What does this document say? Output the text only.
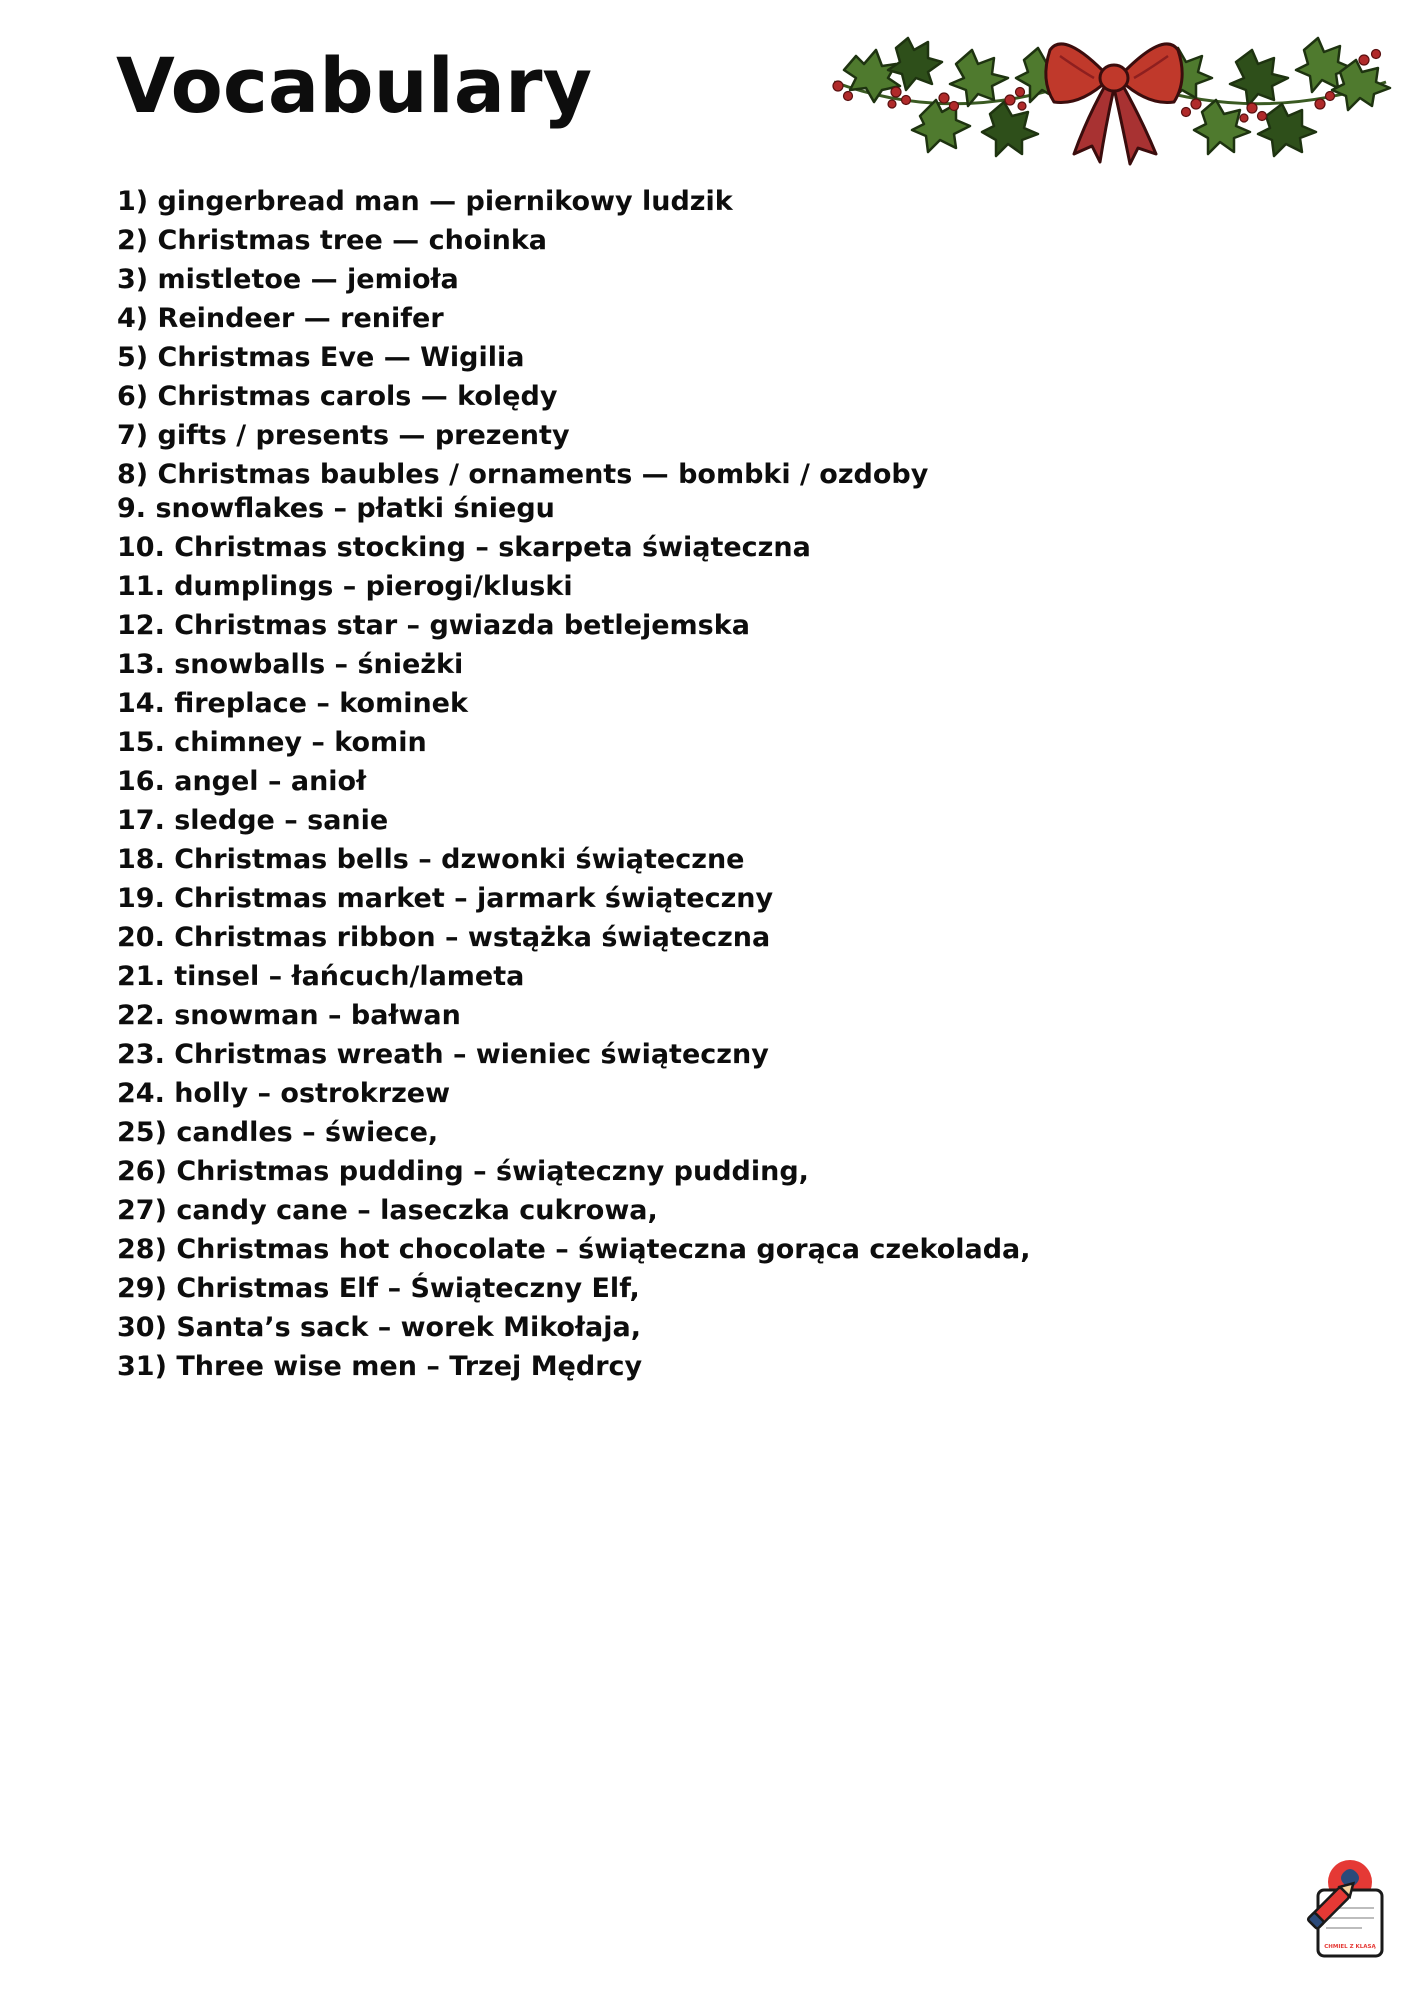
Vocabulary
1) gingerbread man — piernikowy ludzik
2) Christmas tree — choinka
3) mistletoe — jemioła
4) Reindeer — renifer
5) Christmas Eve — Wigilia
6) Christmas carols — kolędy
7) gifts / presents — prezenty
8) Christmas baubles / ornaments — bombki / ozdoby
9. snowflakes – płatki śniegu
10. Christmas stocking – skarpeta świąteczna
11. dumplings – pierogi/kluski
12. Christmas star – gwiazda betlejemska
13. snowballs – śnieżki
14. fireplace – kominek
15. chimney – komin
16. angel – anioł
17. sledge – sanie
18. Christmas bells – dzwonki świąteczne
19. Christmas market – jarmark świąteczny
20. Christmas ribbon – wstążka świąteczna
21. tinsel – łańcuch/lameta
22. snowman – bałwan
23. Christmas wreath – wieniec świąteczny
24. holly – ostrokrzew
25) candles – świece,
26) Christmas pudding – świąteczny pudding,
27) candy cane – laseczka cukrowa,
28) Christmas hot chocolate – świąteczna gorąca czekolada,
29) Christmas Elf – Świąteczny Elf,
30) Santa’s sack – worek Mikołaja,
31) Three wise men – Trzej Mędrcy
CHMIEL Z KLASĄ
